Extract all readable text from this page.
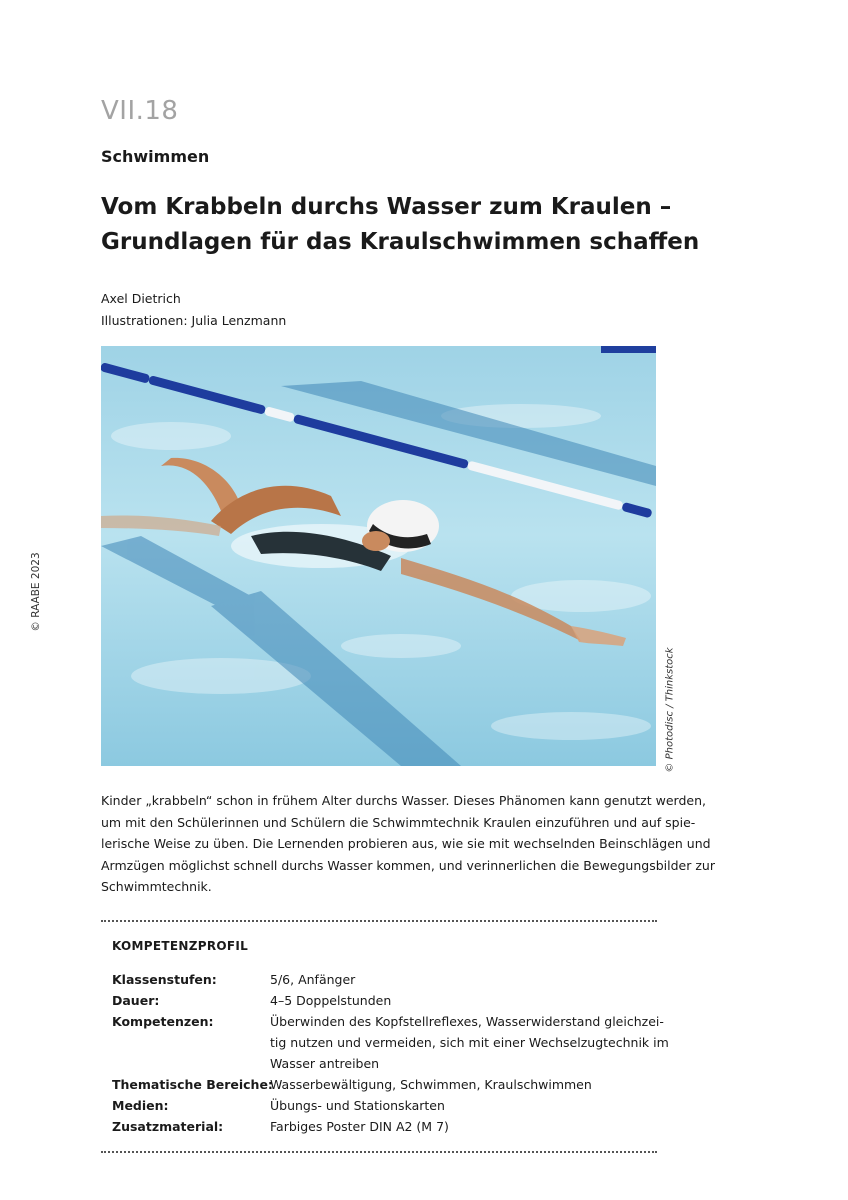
VII.18
Schwimmen
Vom Krabbeln durchs Wasser zum Kraulen –
Grundlagen für das Kraulschwimmen schaffen
Axel Dietrich
Illustrationen: Julia Lenzmann
© RAABE 2023
© Photodisc / Thinkstock

Kinder „krabbeln“ schon in frühem Alter durchs Wasser. Dieses Phänomen kann genutzt werden,
um mit den Schülerinnen und Schülern die Schwimmtechnik Kraulen einzuführen und auf spie-
lerische Weise zu üben. Die Lernenden probieren aus, wie sie mit wechselnden Beinschlägen und
Armzügen möglichst schnell durchs Wasser kommen, und verinnerlichen die Bewegungsbilder zur
Schwimmtechnik.

KOMPETENZPROFIL
Klassenstufen:	5/6, Anfänger
Dauer:	4–5 Doppelstunden
Kompetenzen:	Überwinden des Kopfstellreflexes, Wasserwiderstand gleichzei-
tig nutzen und vermeiden, sich mit einer Wechselzugtechnik im
Wasser antreiben
Thematische Bereiche:
Wasserbewältigung, Schwimmen, Kraulschwimmen
Medien:	Übungs- und Stationskarten
Zusatzmaterial:	Farbiges Poster DIN A2 (M 7)
